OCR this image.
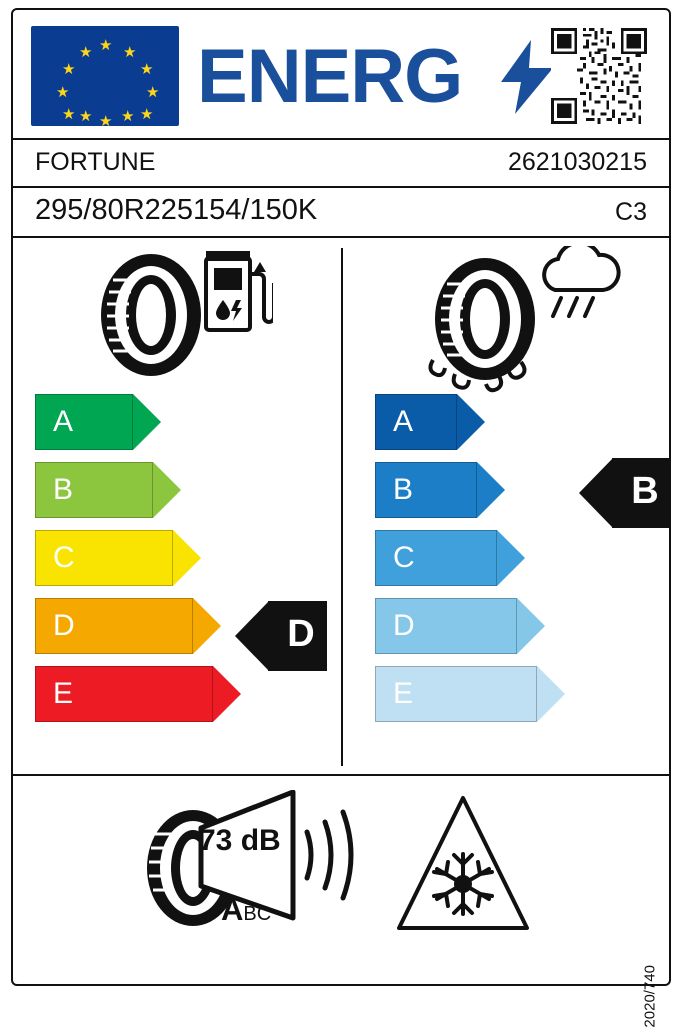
★ ★
★
★
★
★
★
★
★ ★
★ ★ ENERG
FORTUNE	2621030215
295/80R225154/150K	C3
A
B
C
D
E
D
A
B
C
D
E
B
73 dB
ABC
2020/740
